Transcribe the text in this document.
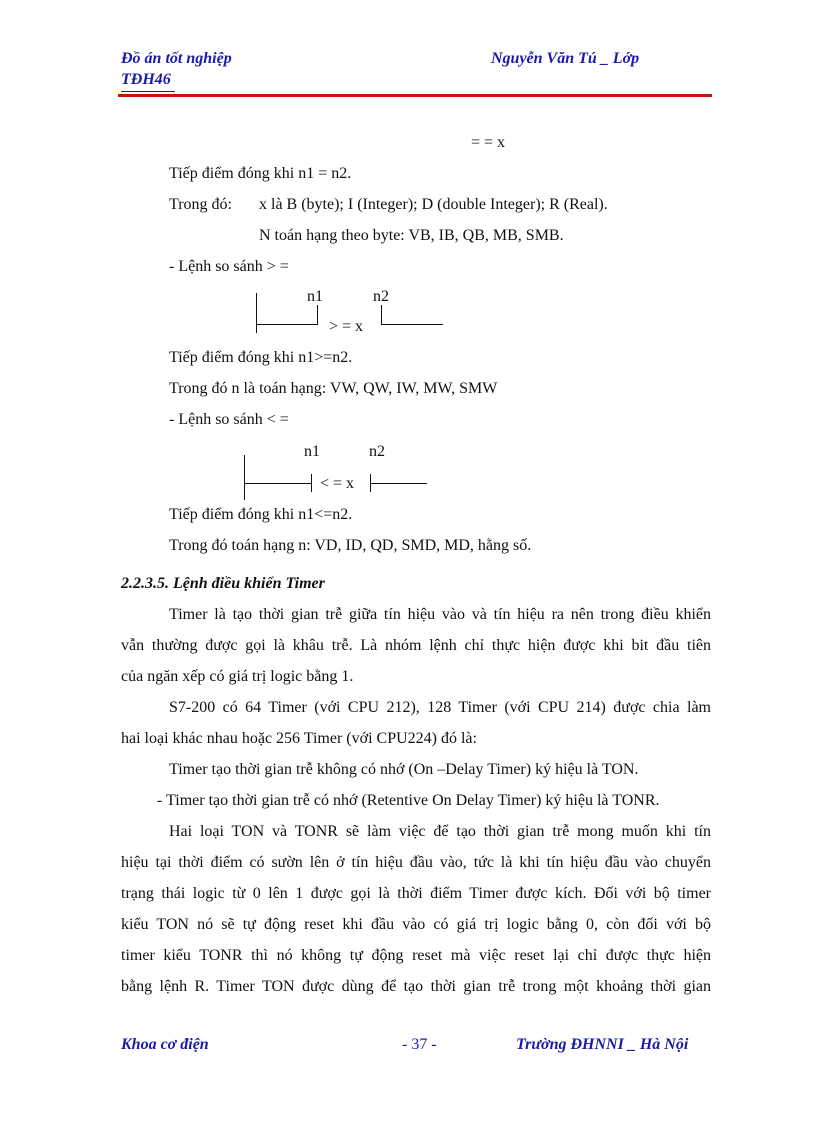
Đồ án tốt nghiệp
TĐH46
Nguyễn Văn Tú _ Lớp
= = x
Tiếp điểm đóng khi n1 = n2.
Trong đó: x là B (byte); I (Integer); D (double Integer); R (Real).
N toán hạng theo byte: VB, IB, QB, MB, SMB.
- Lệnh so sánh > =
n1	n2
> = x
Tiếp điểm đóng khi n1>=n2.
Trong đó n là toán hạng: VW, QW, IW, MW, SMW
- Lệnh so sánh < =
n1	n2
< = x
Tiếp điểm đóng khi n1<=n2.
Trong đó toán hạng n: VD, ID, QD, SMD, MD, hằng số.
2.2.3.5. Lệnh điều khiển Timer
Timer là tạo thời gian trễ giữa tín hiệu vào và tín hiệu ra nên trong điều khiển
vẫn thường được gọi là khâu trễ. Là nhóm lệnh chỉ thực hiện được khi bit đầu tiên
của ngăn xếp có giá trị logic bằng 1.
S7-200 có 64 Timer (với CPU 212), 128 Timer (với CPU 214) được chia làm
hai loại khác nhau hoặc 256 Timer (với CPU224) đó là:
Timer tạo thời gian trễ không có nhớ (On –Delay Timer) ký hiệu là TON.
- Timer tạo thời gian trễ có nhớ (Retentive On Delay Timer) ký hiệu là TONR.
Hai loại TON và TONR sẽ làm việc để tạo thời gian trễ mong muốn khi tín
hiệu tại thời điểm có sườn lên ở tín hiệu đầu vào, tức là khi tín hiệu đầu vào chuyển
trạng thái logic từ 0 lên 1 được gọi là thời điểm Timer được kích. Đối với bộ timer
kiểu TON nó sẽ tự động reset khi đầu vào có giá trị logic bằng 0, còn đối với bộ
timer kiểu TONR thì nó không tự động reset mà việc reset lại chỉ được thực hiện
bằng lệnh R. Timer TON được dùng để tạo thời gian trễ trong một khoảng thời gian
Khoa cơ điện	- 37 -	Trường ĐHNNI _ Hà Nội
